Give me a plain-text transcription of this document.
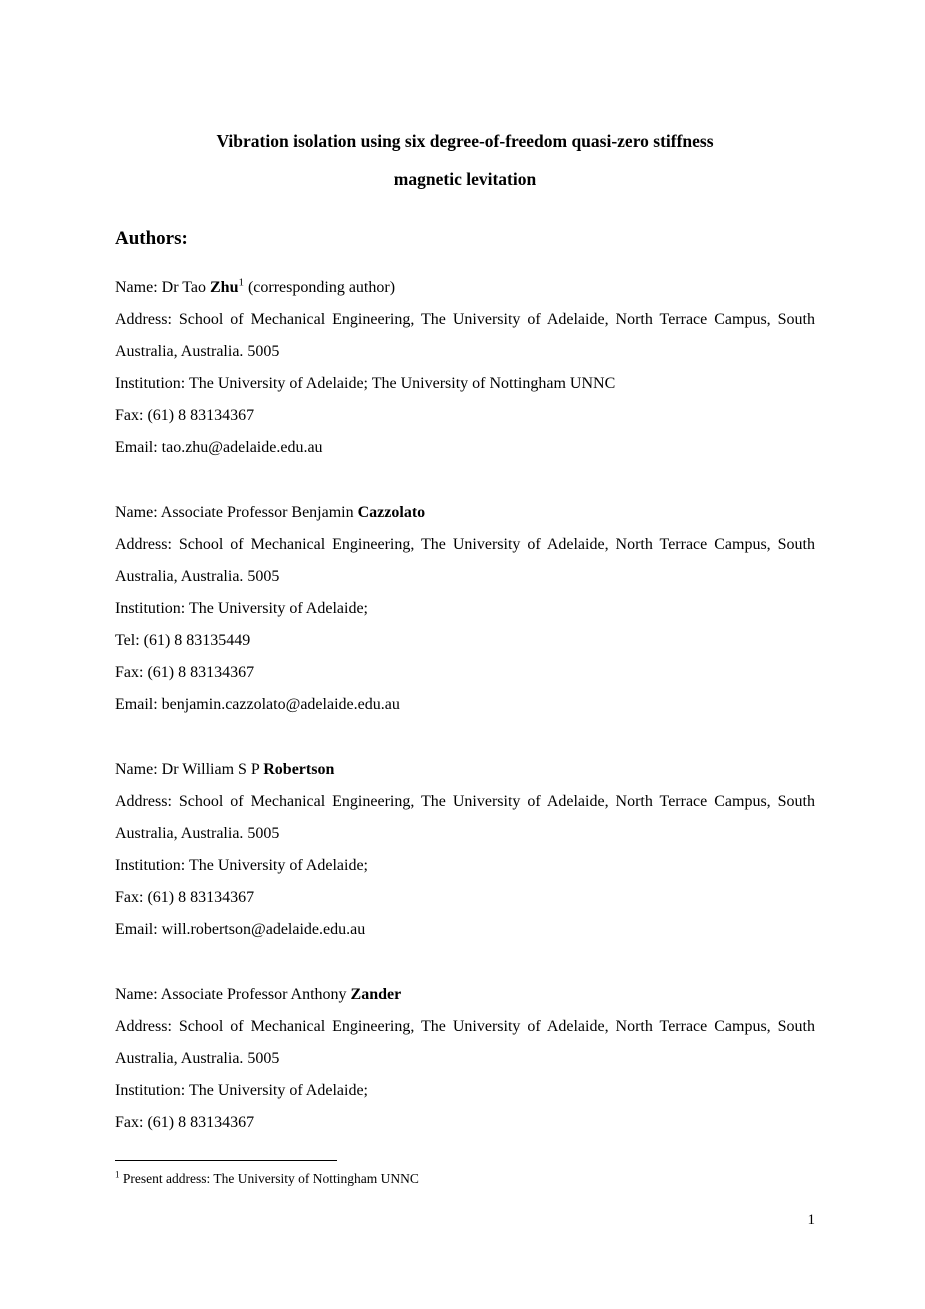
Vibration isolation using six degree-of-freedom quasi-zero stiffness
magnetic levitation
Authors:

Name: Dr Tao Zhu$^1$ (corresponding author)

Address: School of Mechanical Engineering, The University of Adelaide, North Terrace Campus, South Australia, Australia. 5005

Institution: The University of Adelaide; The University of Nottingham UNNC

Fax: (61) 8 83134367

Email: tao.zhu@adelaide.edu.au

Name: Associate Professor Benjamin Cazzolato

Address: School of Mechanical Engineering, The University of Adelaide, North Terrace Campus, South Australia, Australia. 5005

Institution: The University of Adelaide;

Tel: (61) 8 83135449

Fax: (61) 8 83134367

Email: benjamin.cazzolato@adelaide.edu.au

Name: Dr William S P Robertson

Address: School of Mechanical Engineering, The University of Adelaide, North Terrace Campus, South Australia, Australia. 5005

Institution: The University of Adelaide;

Fax: (61) 8 83134367

Email: will.robertson@adelaide.edu.au

Name: Associate Professor Anthony Zander

Address: School of Mechanical Engineering, The University of Adelaide, North Terrace Campus, South Australia, Australia. 5005

Institution: The University of Adelaide;

Fax: (61) 8 83134367

$^1$ Present address: The University of Nottingham UNNC

1
